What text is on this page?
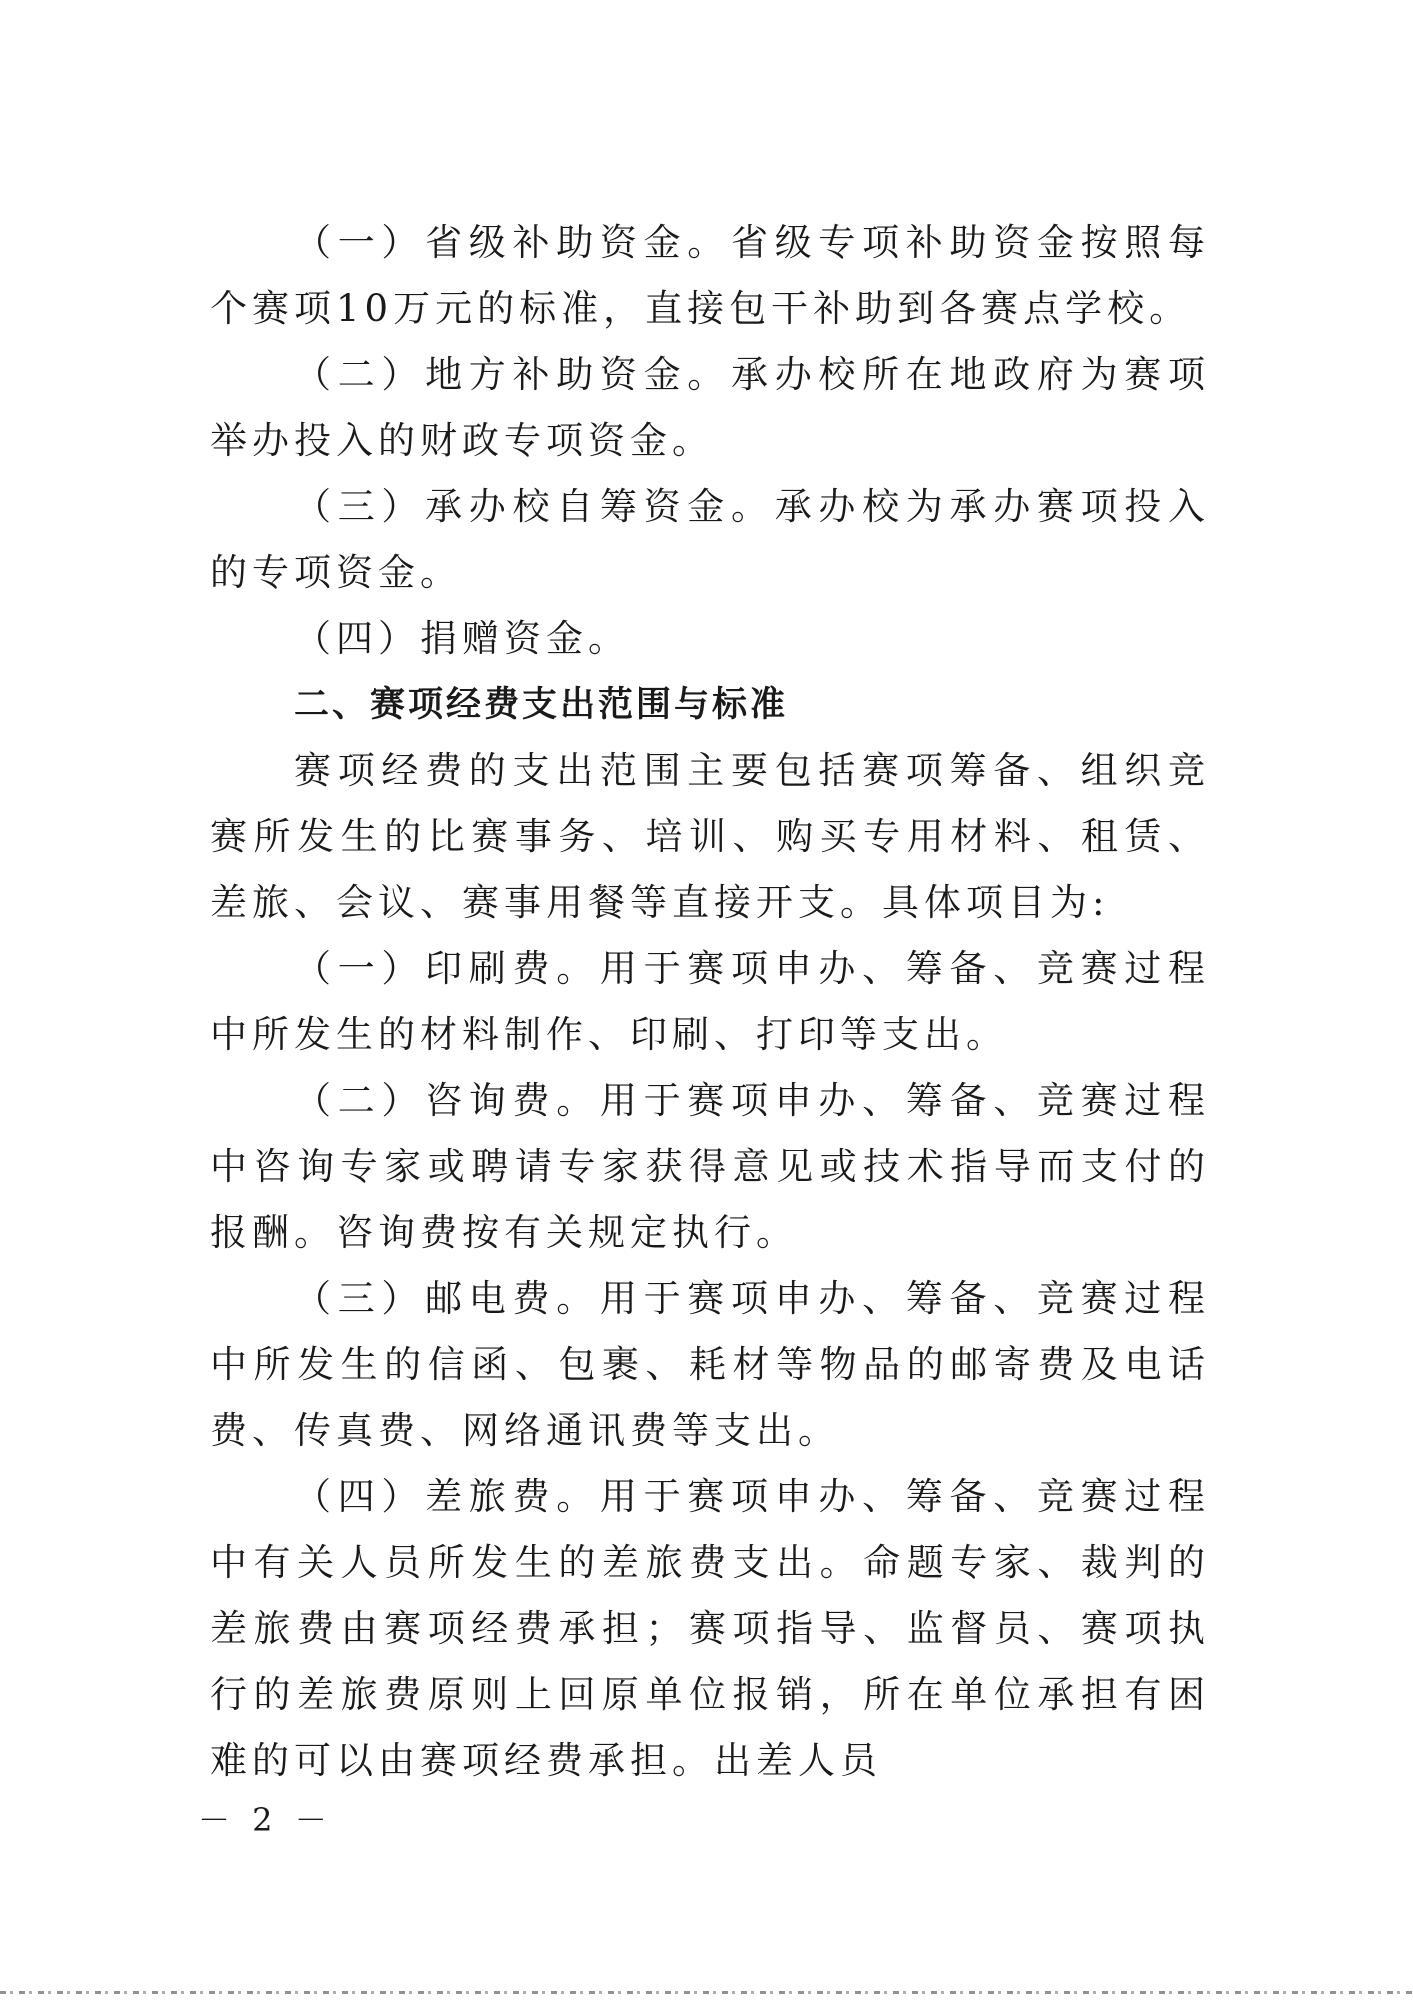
（一）省级补助资金。省级专项补助资金按照每个赛项10万元的标准，直接包干补助到各赛点学校。

（二）地方补助资金。承办校所在地政府为赛项举办投入的财政专项资金。

（三）承办校自筹资金。承办校为承办赛项投入的专项资金。

（四）捐赠资金。

二、赛项经费支出范围与标准

赛项经费的支出范围主要包括赛项筹备、组织竞赛所发生的比赛事务、培训、购买专用材料、租赁、差旅、会议、赛事用餐等直接开支。具体项目为:

（一）印刷费。用于赛项申办、筹备、竞赛过程中所发生的材料制作、印刷、打印等支出。

（二）咨询费。用于赛项申办、筹备、竞赛过程中咨询专家或聘请专家获得意见或技术指导而支付的报酬。咨询费按有关规定执行。

（三）邮电费。用于赛项申办、筹备、竞赛过程中所发生的信函、包裹、耗材等物品的邮寄费及电话费、传真费、网络通讯费等支出。

（四）差旅费。用于赛项申办、筹备、竞赛过程中有关人员所发生的差旅费支出。命题专家、裁判的差旅费由赛项经费承担；赛项指导、监督员、赛项执行的差旅费原则上回原单位报销，所在单位承担有困难的可以由赛项经费承担。出差人员

－ 2 －
